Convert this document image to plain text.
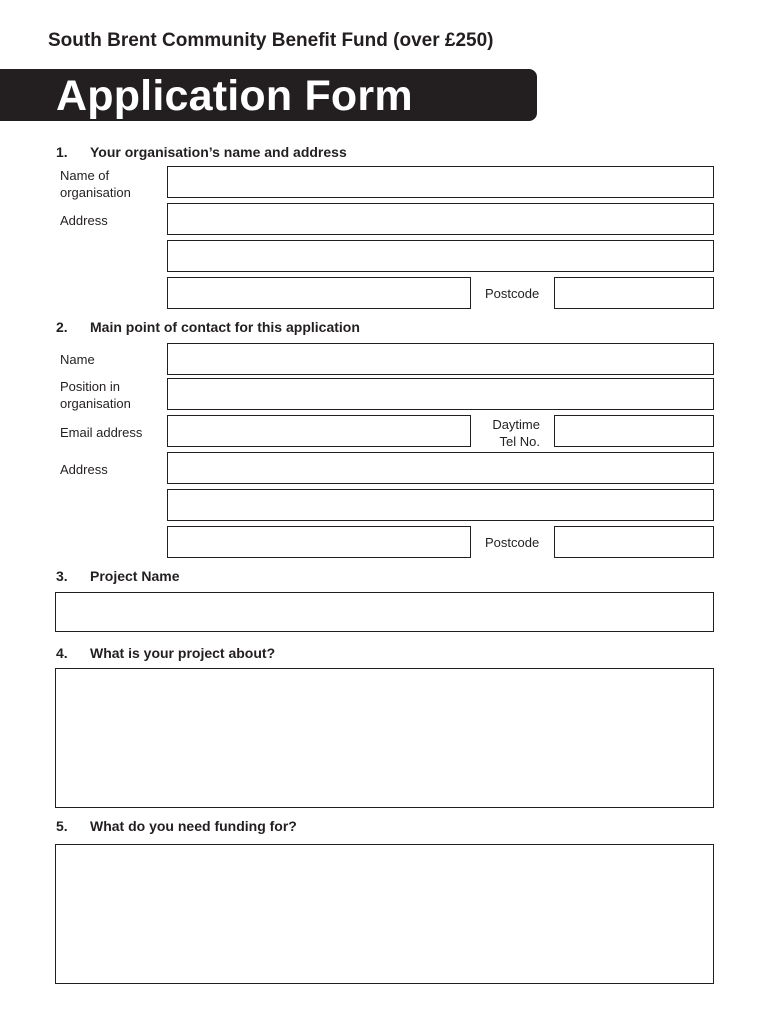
South Brent Community Benefit Fund (over £250)
Application Form
1. Your organisation’s name and address
Name of
organisation
Address
Postcode
2. Main point of contact for this application
Name
Position in
organisation
Email address
Daytime
Tel No.
Address
Postcode
3. Project Name
4. What is your project about?
5. What do you need funding for?
